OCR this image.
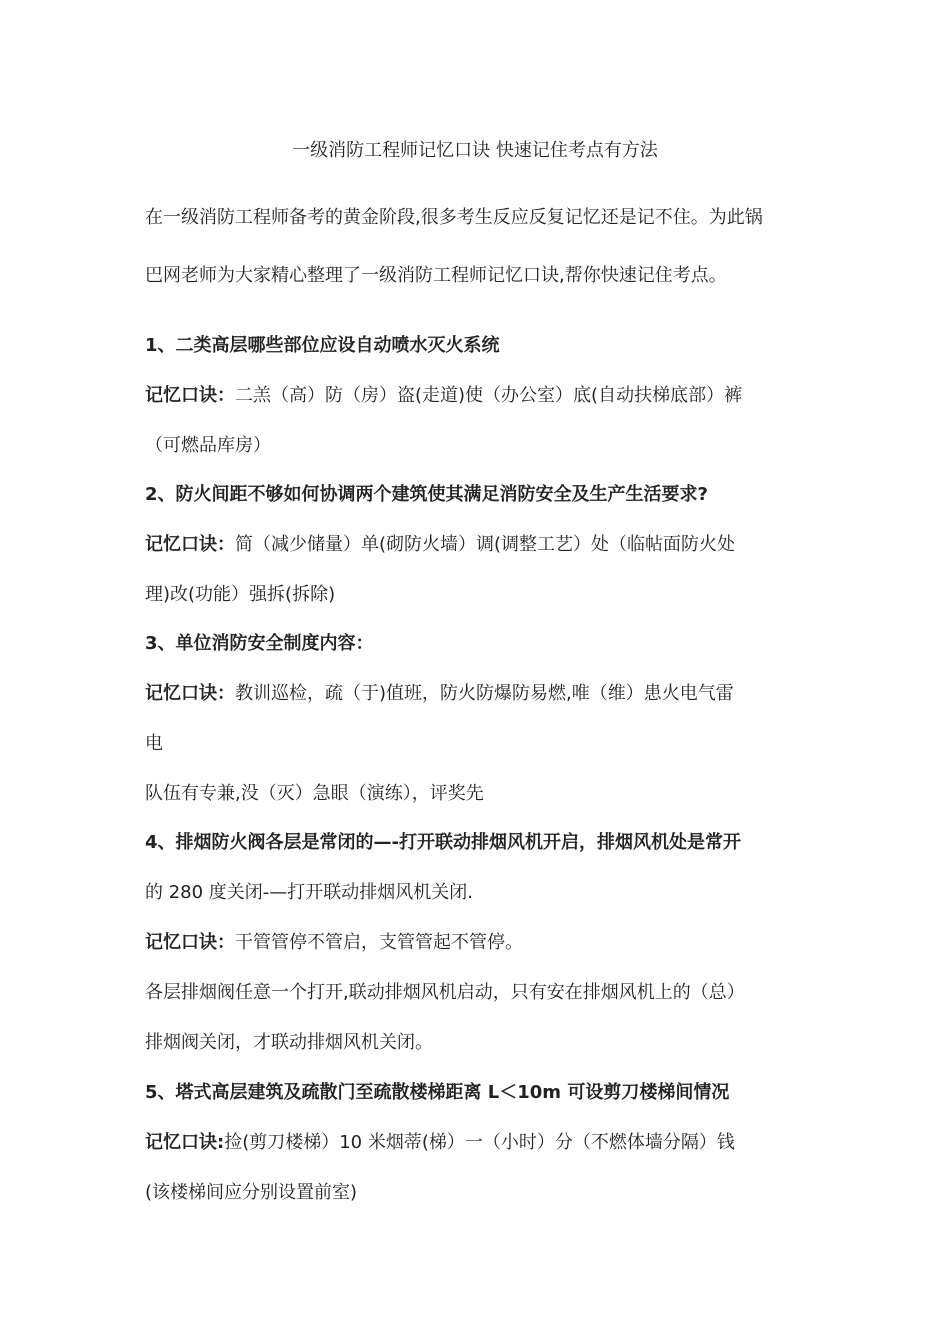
一级消防工程师记忆口诀 快速记住考点有方法
在一级消防工程师备考的黄金阶段,很多考生反应反复记忆还是记不住。为此锅
巴网老师为大家精心整理了一级消防工程师记忆口诀,帮你快速记住考点。
1、二类高层哪些部位应设自动喷水灭火系统
记忆口诀：二羔（高）防（房）盗(走道)使（办公室）底(自动扶梯底部）裤
（可燃品库房）
2、防火间距不够如何协调两个建筑使其满足消防安全及生产生活要求?
记忆口诀：简（减少储量）单(砌防火墙）调(调整工艺）处（临帖面防火处
理)改(功能）强拆(拆除)
3、单位消防安全制度内容：
记忆口诀：教训巡检，疏（于)值班，防火防爆防易燃,唯（维）患火电气雷
电
队伍有专兼,没（灭）急眼（演练），评奖先
4、排烟防火阀各层是常闭的—-打开联动排烟风机开启，排烟风机处是常开
的 280 度关闭-—打开联动排烟风机关闭.
记忆口诀：干管管停不管启，支管管起不管停。
各层排烟阀任意一个打开,联动排烟风机启动，只有安在排烟风机上的（总）
排烟阀关闭，才联动排烟风机关闭。
5、塔式高层建筑及疏散门至疏散楼梯距离 L＜10m 可设剪刀楼梯间情况
记忆口诀:捡(剪刀楼梯）10 米烟蒂(梯）一（小时）分（不燃体墙分隔）钱
(该楼梯间应分别设置前室)
